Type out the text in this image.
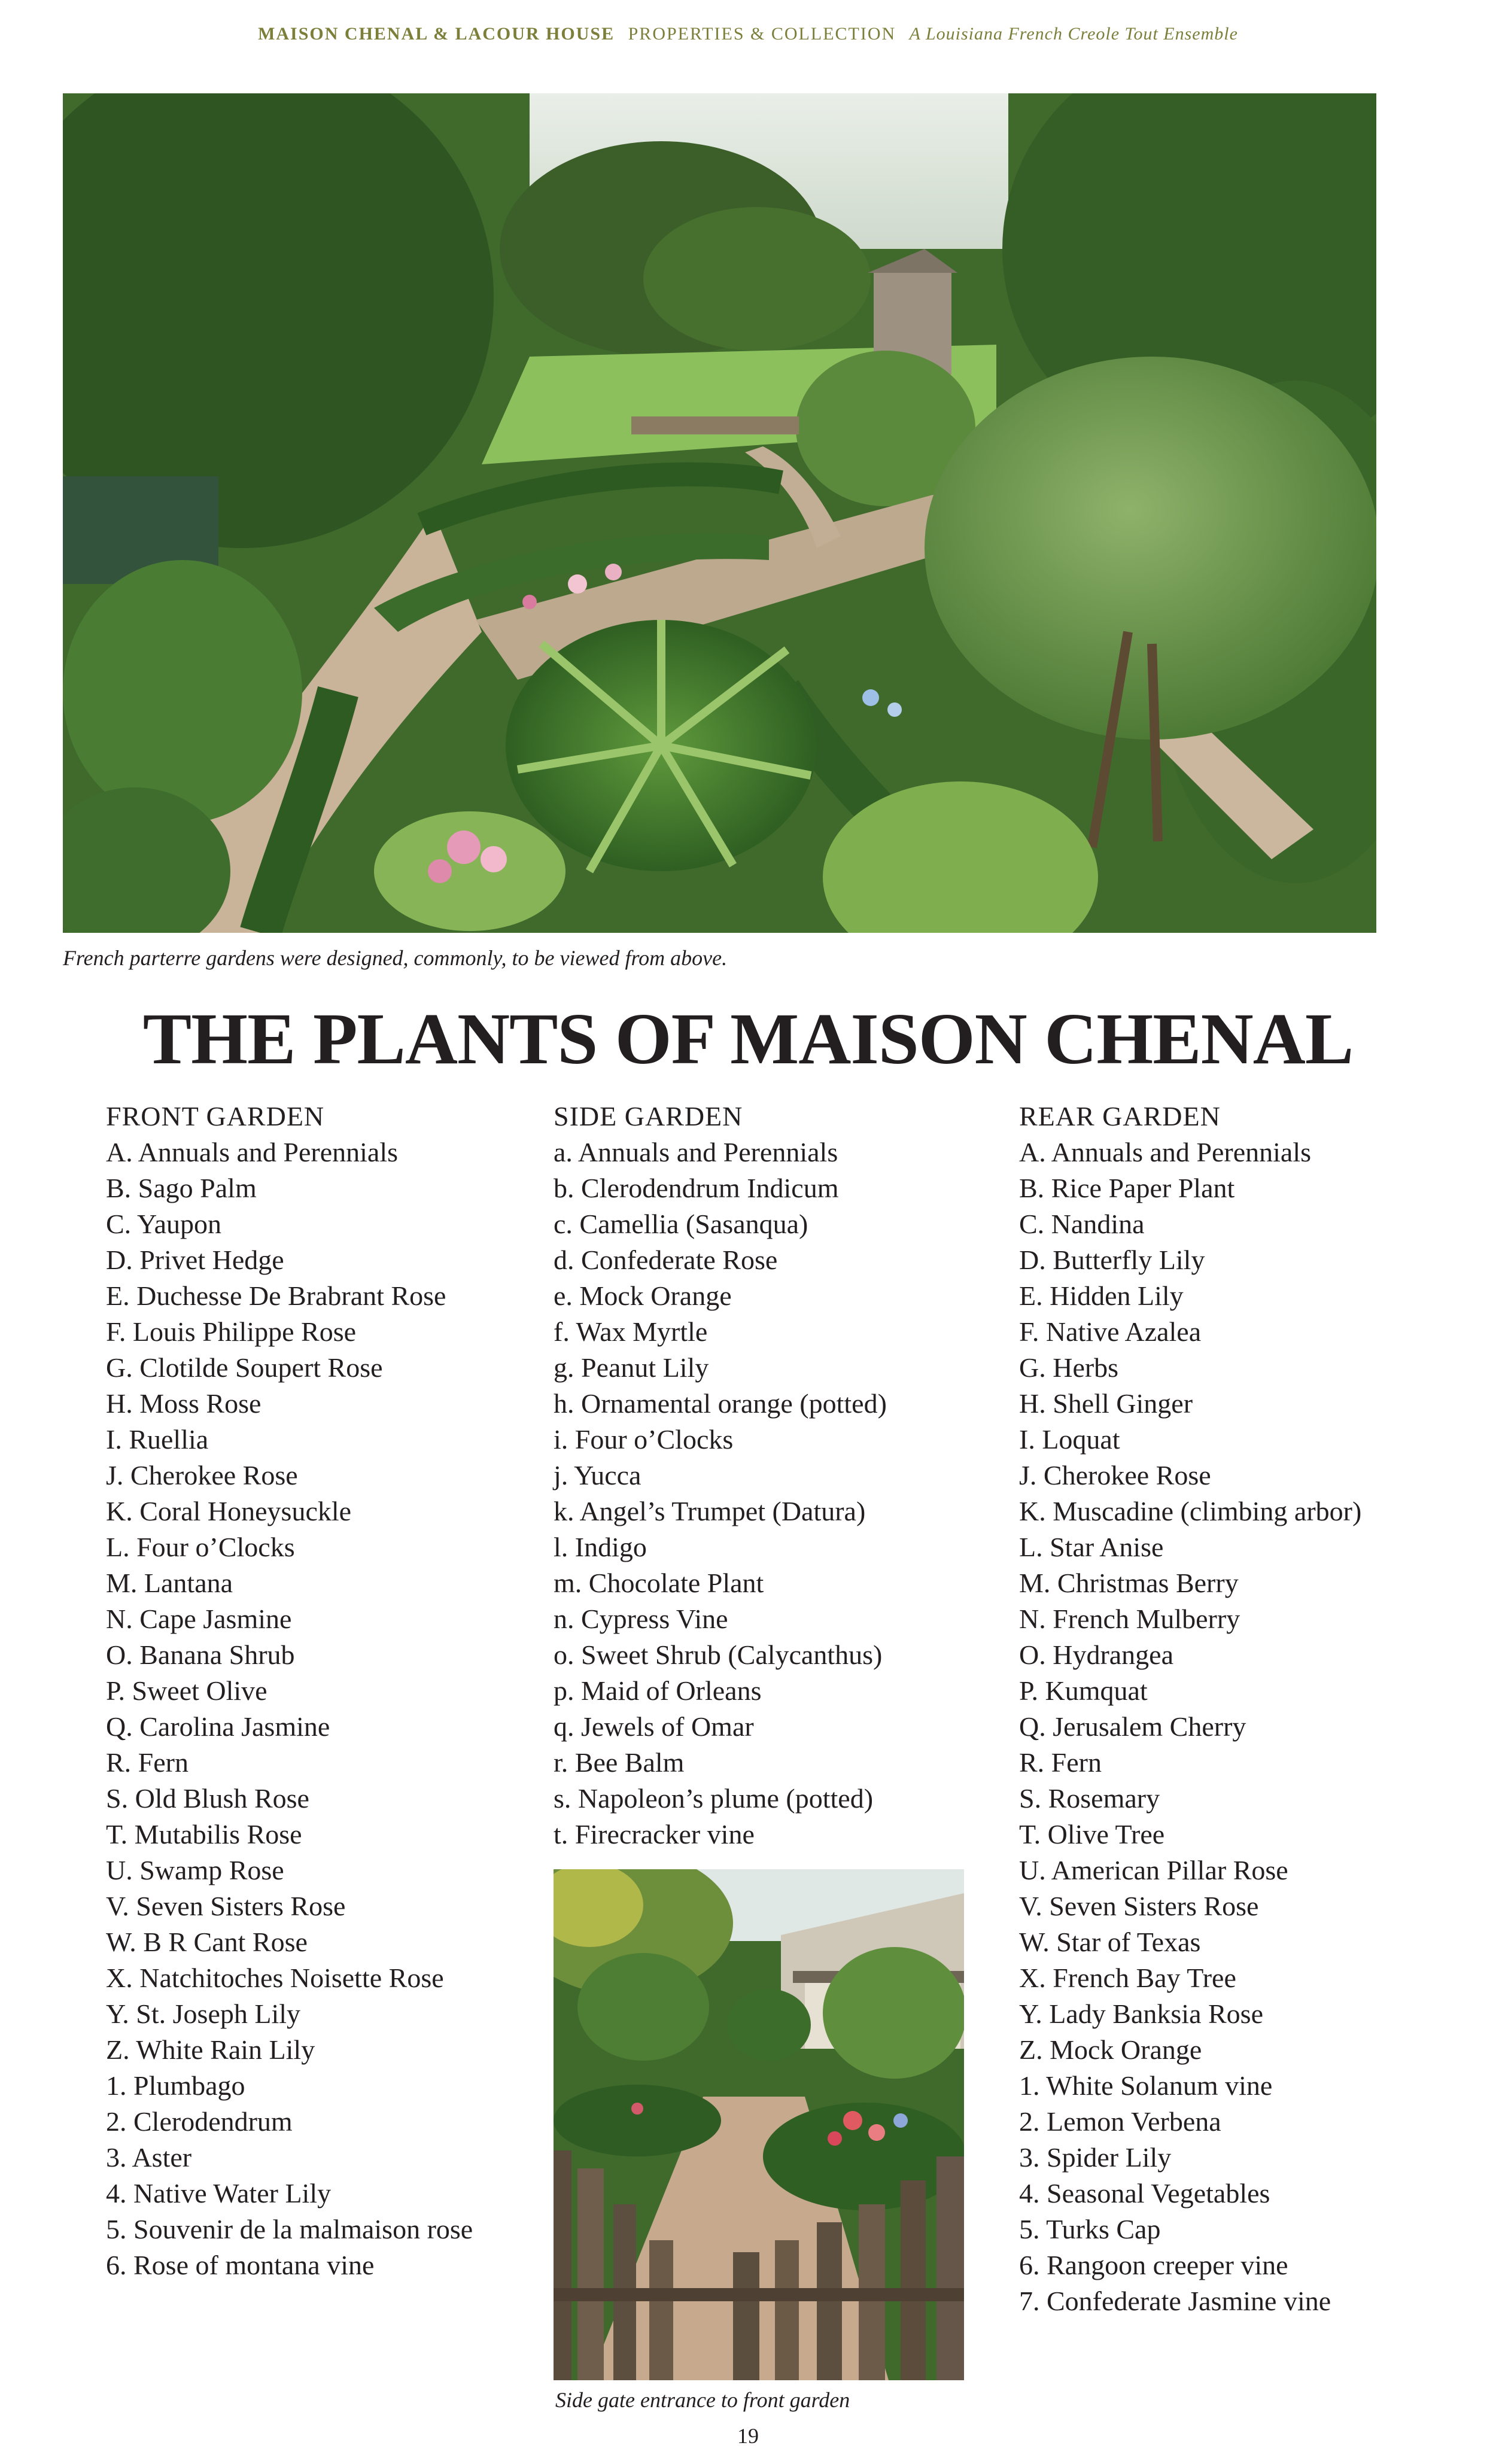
MAISON CHENAL & LACOUR HOUSE PROPERTIES & COLLECTION A Louisiana French Creole Tout Ensemble
French parterre gardens were designed, commonly, to be viewed from above.
THE PLANTS OF MAISON CHENAL
FRONT GARDEN
A. Annuals and Perennials
B. Sago Palm
C. Yaupon
D. Privet Hedge
E. Duchesse De Brabrant Rose
F. Louis Philippe Rose
G. Clotilde Soupert Rose
H. Moss Rose
I. Ruellia
J. Cherokee Rose
K. Coral Honeysuckle
L. Four o’Clocks
M. Lantana
N. Cape Jasmine
O. Banana Shrub
P. Sweet Olive
Q. Carolina Jasmine
R. Fern
S. Old Blush Rose
T. Mutabilis Rose
U. Swamp Rose
V. Seven Sisters Rose
W. B R Cant Rose
X. Natchitoches Noisette Rose
Y. St. Joseph Lily
Z. White Rain Lily
1. Plumbago
2. Clerodendrum
3. Aster
4. Native Water Lily
5. Souvenir de la malmaison rose
6. Rose of montana vine
SIDE GARDEN
a. Annuals and Perennials
b. Clerodendrum Indicum
c. Camellia (Sasanqua)
d. Confederate Rose
e. Mock Orange
f. Wax Myrtle
g. Peanut Lily
h. Ornamental orange (potted)
i. Four o’Clocks
j. Yucca
k. Angel’s Trumpet (Datura)
l. Indigo
m. Chocolate Plant
n. Cypress Vine
o. Sweet Shrub (Calycanthus)
p. Maid of Orleans
q. Jewels of Omar
r. Bee Balm
s. Napoleon’s plume (potted)
t. Firecracker vine
Side gate entrance to front garden
REAR GARDEN
A. Annuals and Perennials
B. Rice Paper Plant
C. Nandina
D. Butterfly Lily
E. Hidden Lily
F. Native Azalea
G. Herbs
H. Shell Ginger
I. Loquat
J. Cherokee Rose
K. Muscadine (climbing arbor)
L. Star Anise
M. Christmas Berry
N. French Mulberry
O. Hydrangea
P. Kumquat
Q. Jerusalem Cherry
R. Fern
S. Rosemary
T. Olive Tree
U. American Pillar Rose
V. Seven Sisters Rose
W. Star of Texas
X. French Bay Tree
Y. Lady Banksia Rose
Z. Mock Orange
1. White Solanum vine
2. Lemon Verbena
3. Spider Lily
4. Seasonal Vegetables
5. Turks Cap
6. Rangoon creeper vine
7. Confederate Jasmine vine
19
